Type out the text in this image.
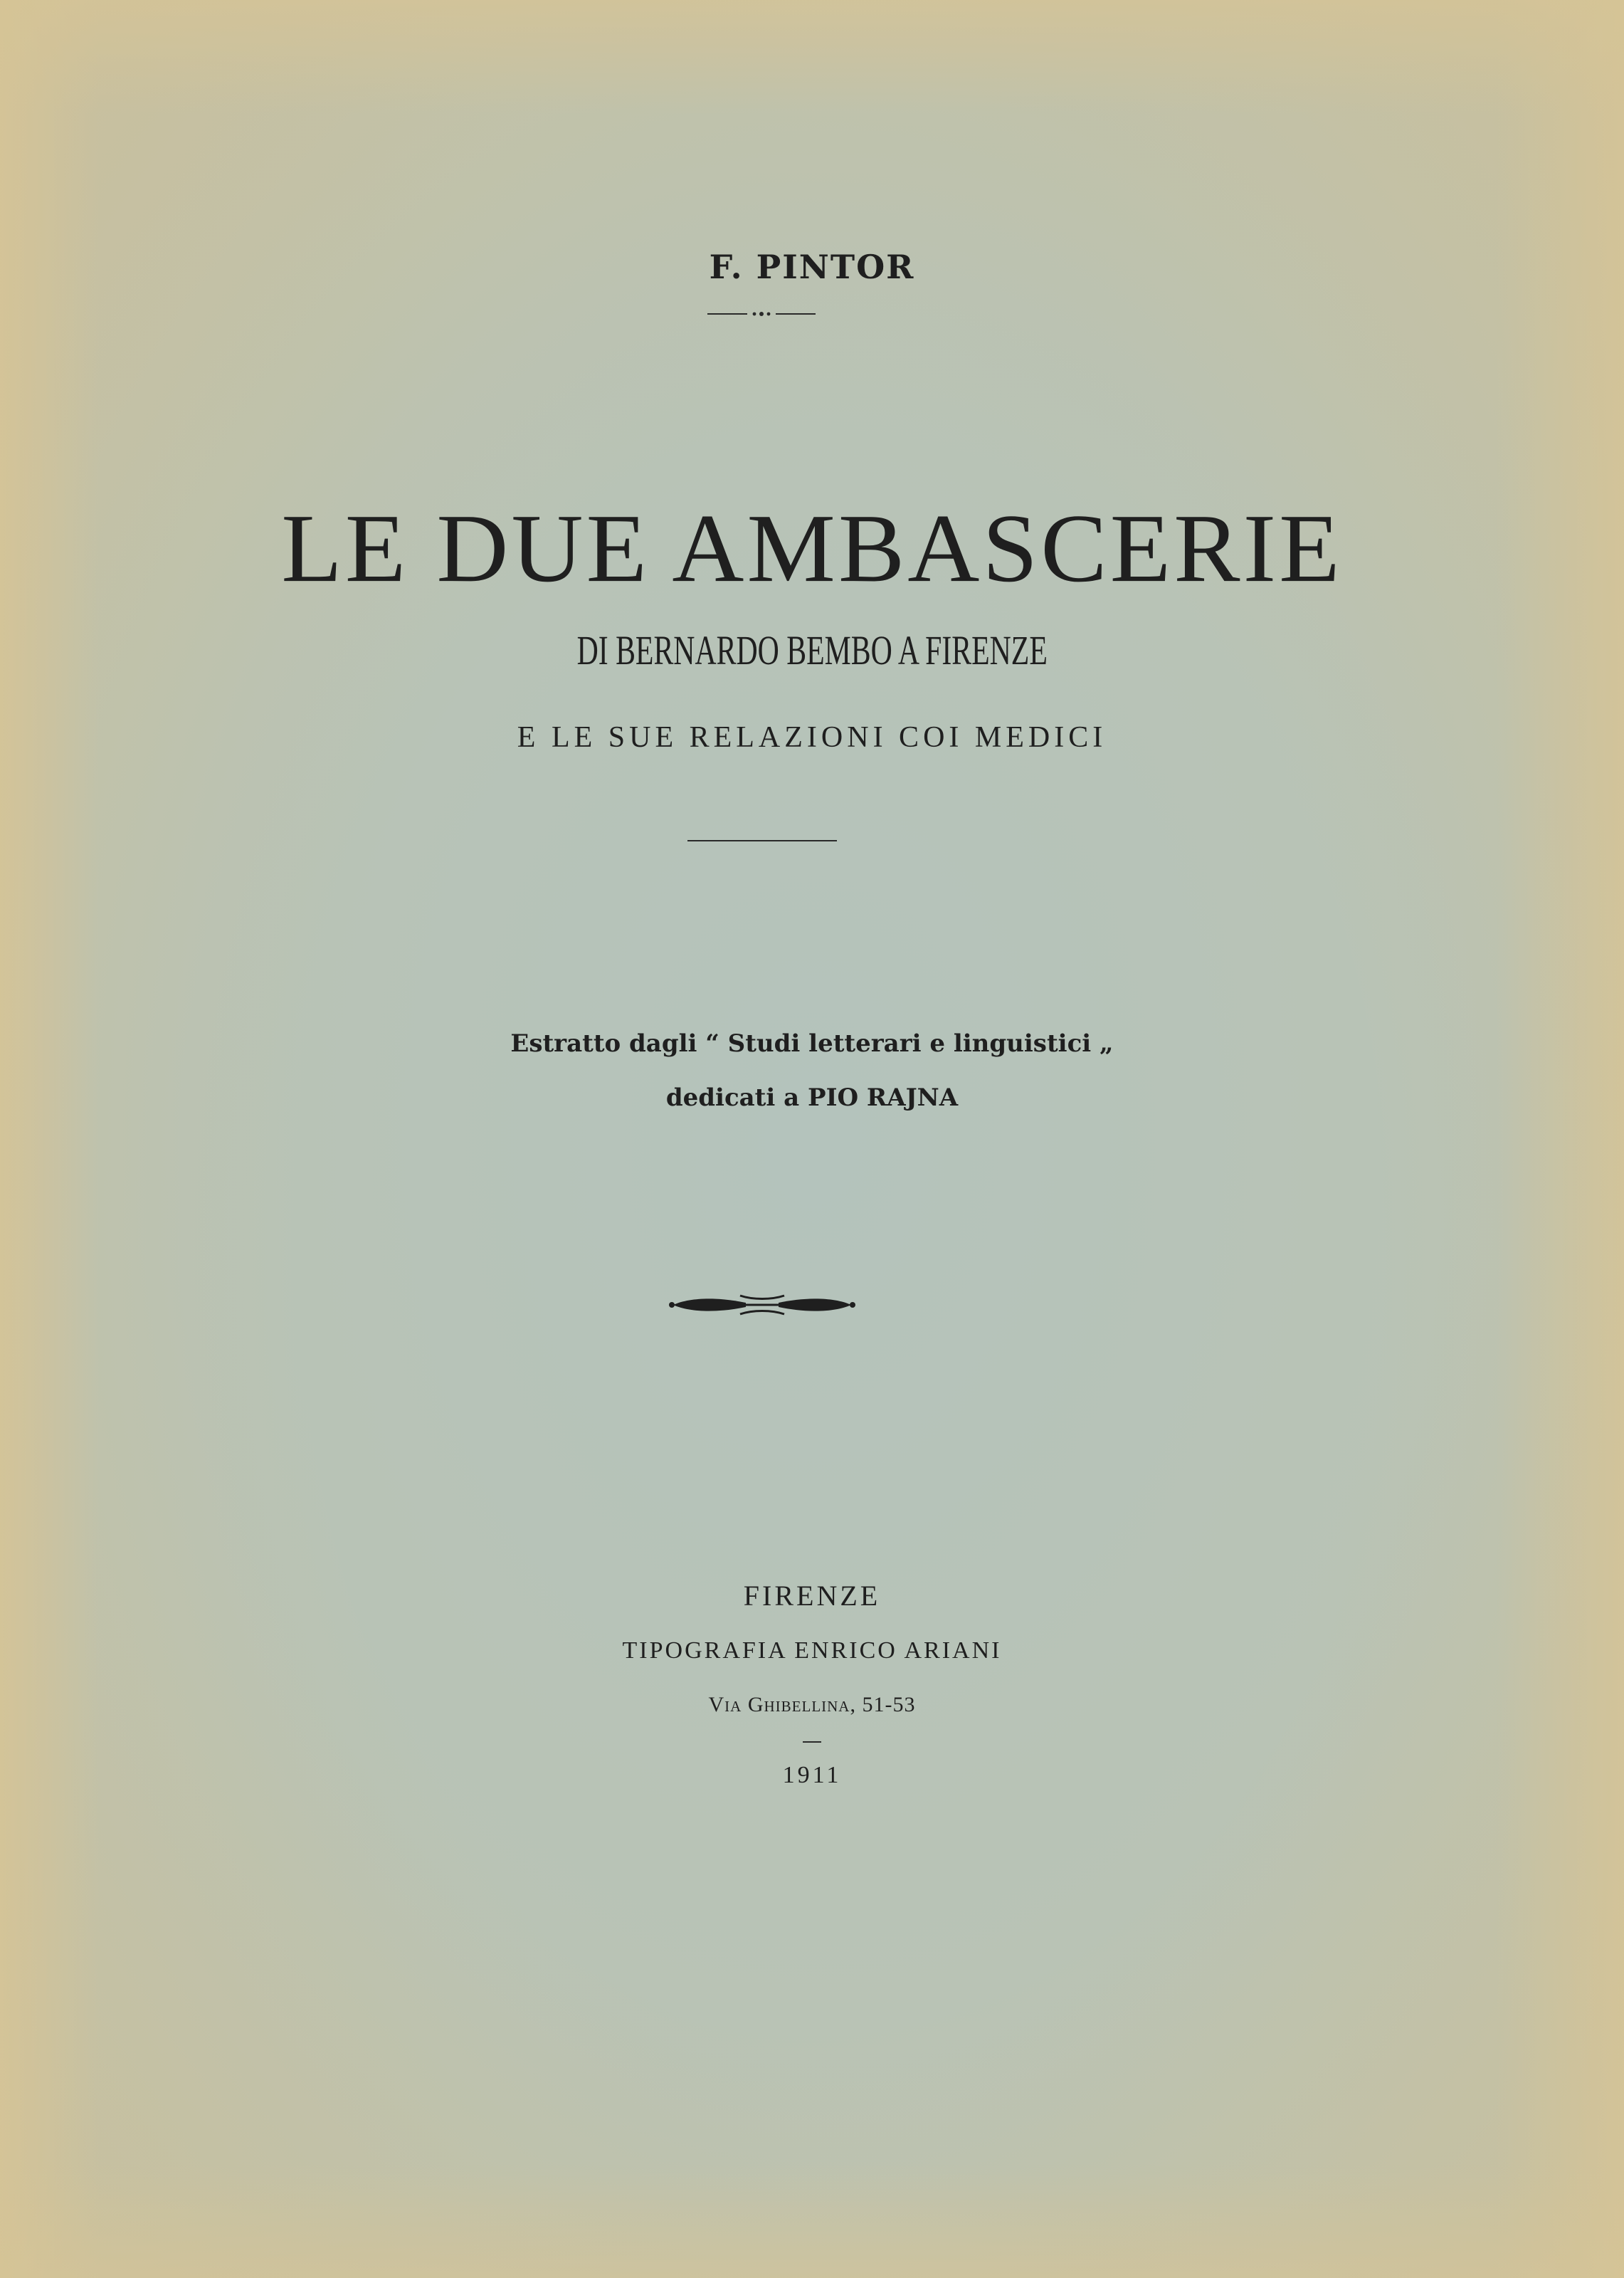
F. PINTOR

LE DUE AMBASCERIE

DI BERNARDO BEMBO A FIRENZE

E LE SUE RELAZIONI COI MEDICI

Estratto dagli “ Studi letterari e linguistici „

dedicati a PIO RAJNA

FIRENZE

TIPOGRAFIA ENRICO ARIANI

Via Ghibellina, 51-53

1911
